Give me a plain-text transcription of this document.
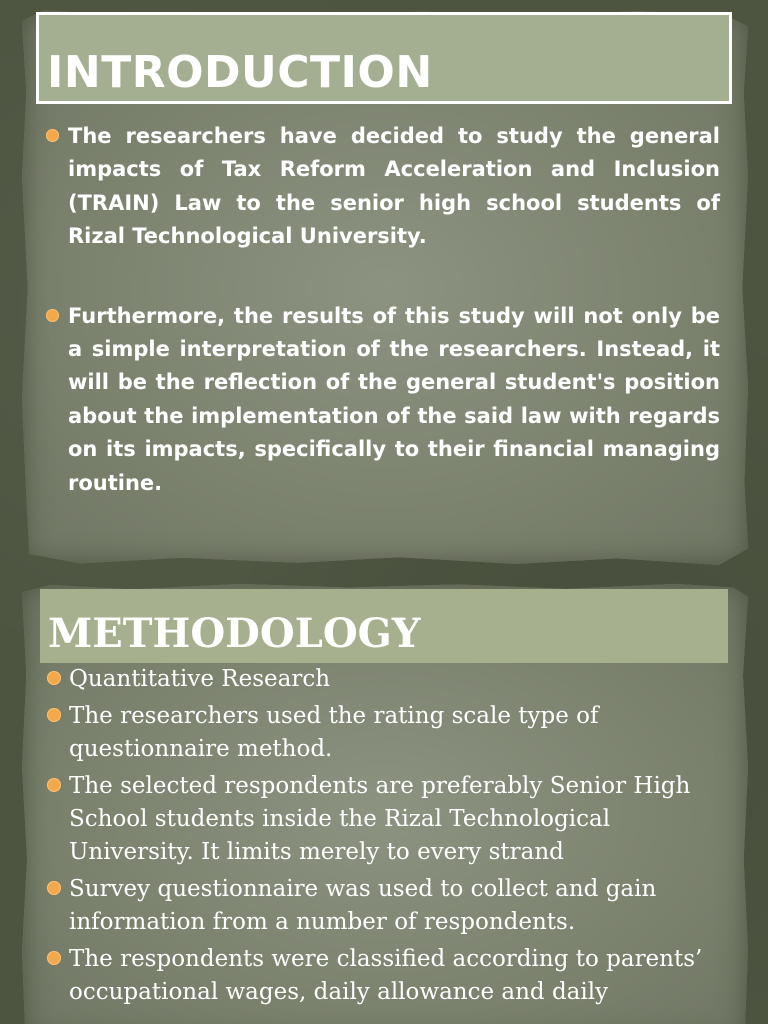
INTRODUCTION
The researchers have decided to study the general impacts of Tax Reform Acceleration and Inclusion (TRAIN) Law to the senior high school students of Rizal Technological University.
Furthermore, the results of this study will not only be a simple interpretation of the researchers. Instead, it will be the reflection of the general student's position about the implementation of the said law with regards on its impacts, specifically to their financial managing routine.
METHODOLOGY
Quantitative Research
The researchers used the rating scale type of questionnaire method.
The selected respondents are preferably Senior High School students inside the Rizal Technological University. It limits merely to every strand
Survey questionnaire was used to collect and gain information from a number of respondents.
The respondents were classified according to parents’ occupational wages, daily allowance and daily
